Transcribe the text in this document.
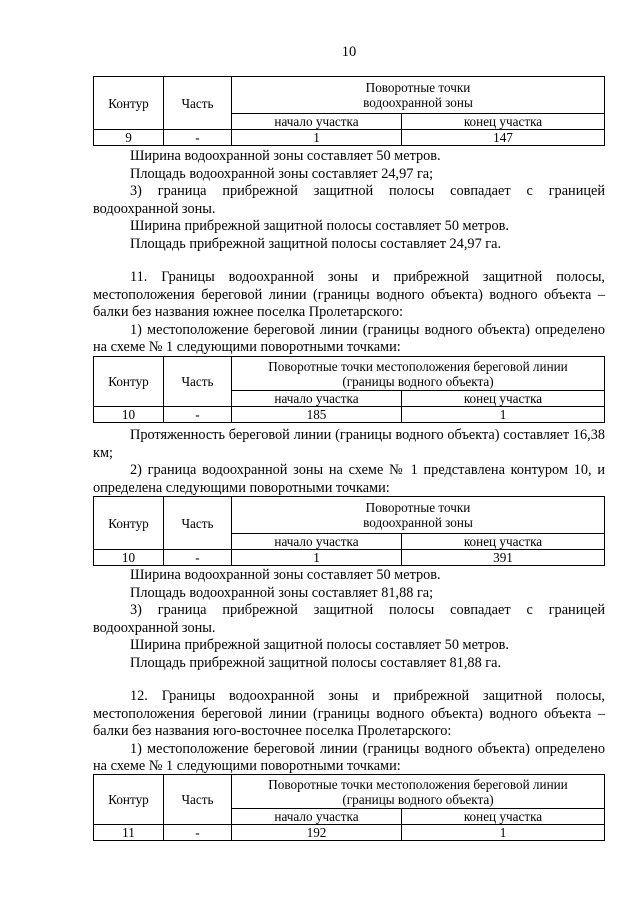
10
Контур	Часть	Поворотные точки
водоохранной зоны	

		начало участка	конец участка
9	-	1	147

Ширина водоохранной зоны составляет 50 метров.

Площадь водоохранной зоны составляет 24,97 га;

3) граница прибрежной защитной полосы совпадает с границей водоохранной зоны.

Ширина прибрежной защитной полосы составляет 50 метров.

Площадь прибрежной защитной полосы составляет 24,97 га.

11. Границы водоохранной зоны и прибрежной защитной полосы, местоположения береговой линии (границы водного объекта) водного объекта – балки без названия южнее поселка Пролетарского:

1) местоположение береговой линии (границы водного объекта) определено на схеме № 1 следующими поворотными точками:

Контур	Часть	Поворотные точки местоположения береговой линии
(границы водного объекта)	

		начало участка	конец участка
10	-	185	1

Протяженность береговой линии (границы водного объекта) составляет 16,38 км;

2) граница водоохранной зоны на схеме № 1 представлена контуром 10, и определена следующими поворотными точками:

Контур	Часть	Поворотные точки
водоохранной зоны	

		начало участка	конец участка
10	-	1	391

Ширина водоохранной зоны составляет 50 метров.

Площадь водоохранной зоны составляет 81,88 га;

3) граница прибрежной защитной полосы совпадает с границей водоохранной зоны.

Ширина прибрежной защитной полосы составляет 50 метров.

Площадь прибрежной защитной полосы составляет 81,88 га.

12. Границы водоохранной зоны и прибрежной защитной полосы, местоположения береговой линии (границы водного объекта) водного объекта – балки без названия юго-восточнее поселка Пролетарского:

1) местоположение береговой линии (границы водного объекта) определено на схеме № 1 следующими поворотными точками:

Контур	Часть	Поворотные точки местоположения береговой линии
(границы водного объекта)	

		начало участка	конец участка
11	-	192	1
